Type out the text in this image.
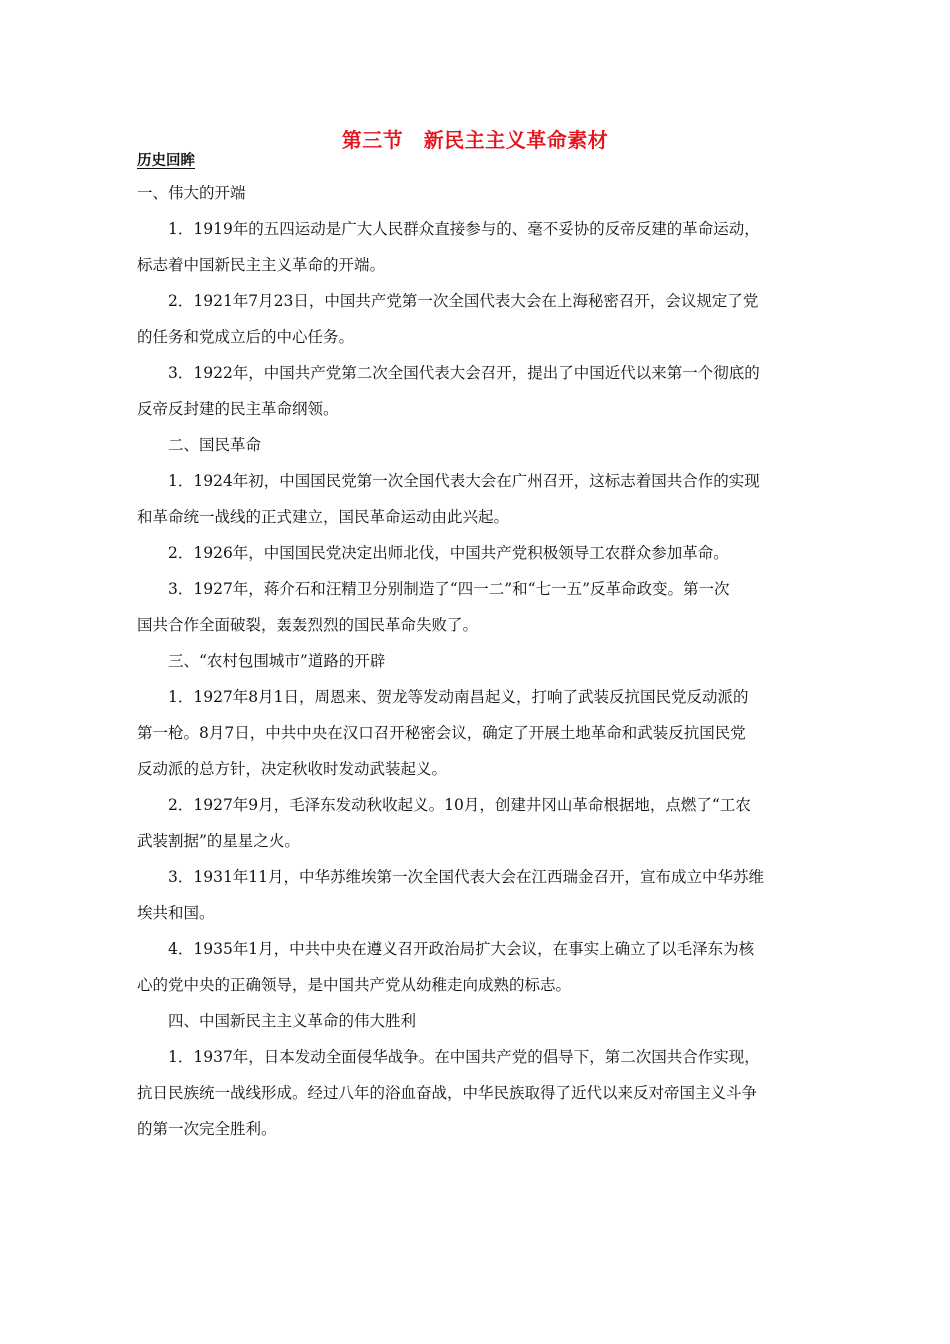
第三节　新民主主义革命素材
历史回眸
一、伟大的开端
1．1919年的五四运动是广大人民群众直接参与的、毫不妥协的反帝反建的革命运动，
标志着中国新民主主义革命的开端。
2．1921年7月23日，中国共产党第一次全国代表大会在上海秘密召开，会议规定了党
的任务和党成立后的中心任务。
3．1922年，中国共产党第二次全国代表大会召开，提出了中国近代以来第一个彻底的
反帝反封建的民主革命纲领。
二、国民革命
1．1924年初，中国国民党第一次全国代表大会在广州召开，这标志着国共合作的实现
和革命统一战线的正式建立，国民革命运动由此兴起。
2．1926年，中国国民党决定出师北伐，中国共产党积极领导工农群众参加革命。
3．1927年，蒋介石和汪精卫分别制造了“四一二”和“七一五”反革命政变。第一次
国共合作全面破裂，轰轰烈烈的国民革命失败了。
三、“农村包围城市”道路的开辟
1．1927年8月1日，周恩来、贺龙等发动南昌起义，打响了武装反抗国民党反动派的
第一枪。8月7日，中共中央在汉口召开秘密会议，确定了开展土地革命和武装反抗国民党
反动派的总方针，决定秋收时发动武装起义。
2．1927年9月，毛泽东发动秋收起义。10月，创建井冈山革命根据地，点燃了“工农
武装割据”的星星之火。
3．1931年11月，中华苏维埃第一次全国代表大会在江西瑞金召开，宣布成立中华苏维
埃共和国。
4．1935年1月，中共中央在遵义召开政治局扩大会议，在事实上确立了以毛泽东为核
心的党中央的正确领导，是中国共产党从幼稚走向成熟的标志。
四、中国新民主主义革命的伟大胜利
1．1937年，日本发动全面侵华战争。在中国共产党的倡导下，第二次国共合作实现，
抗日民族统一战线形成。经过八年的浴血奋战，中华民族取得了近代以来反对帝国主义斗争
的第一次完全胜利。
